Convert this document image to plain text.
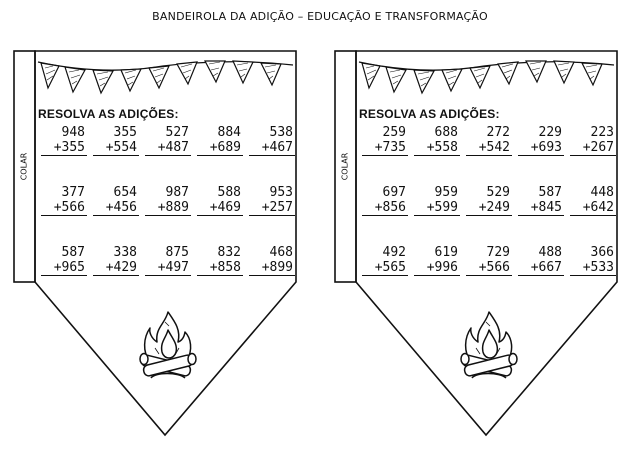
BANDEIROLA DA ADIÇÃO – EDUCAÇÃO E TRANSFORMAÇÃO
COLAR
RESOLVA AS ADIÇÕES:
948
+355
355
+554
527
+487
884
+689
538
+467
377
+566
654
+456
987
+889
588
+469
953
+257
587
+965
338
+429
875
+497
832
+858
468
+899
COLAR
RESOLVA AS ADIÇÕES:
259
+735
688
+558
272
+542
229
+693
223
+267
697
+856
959
+599
529
+249
587
+845
448
+642
492
+565
619
+996
729
+566
488
+667
366
+533
